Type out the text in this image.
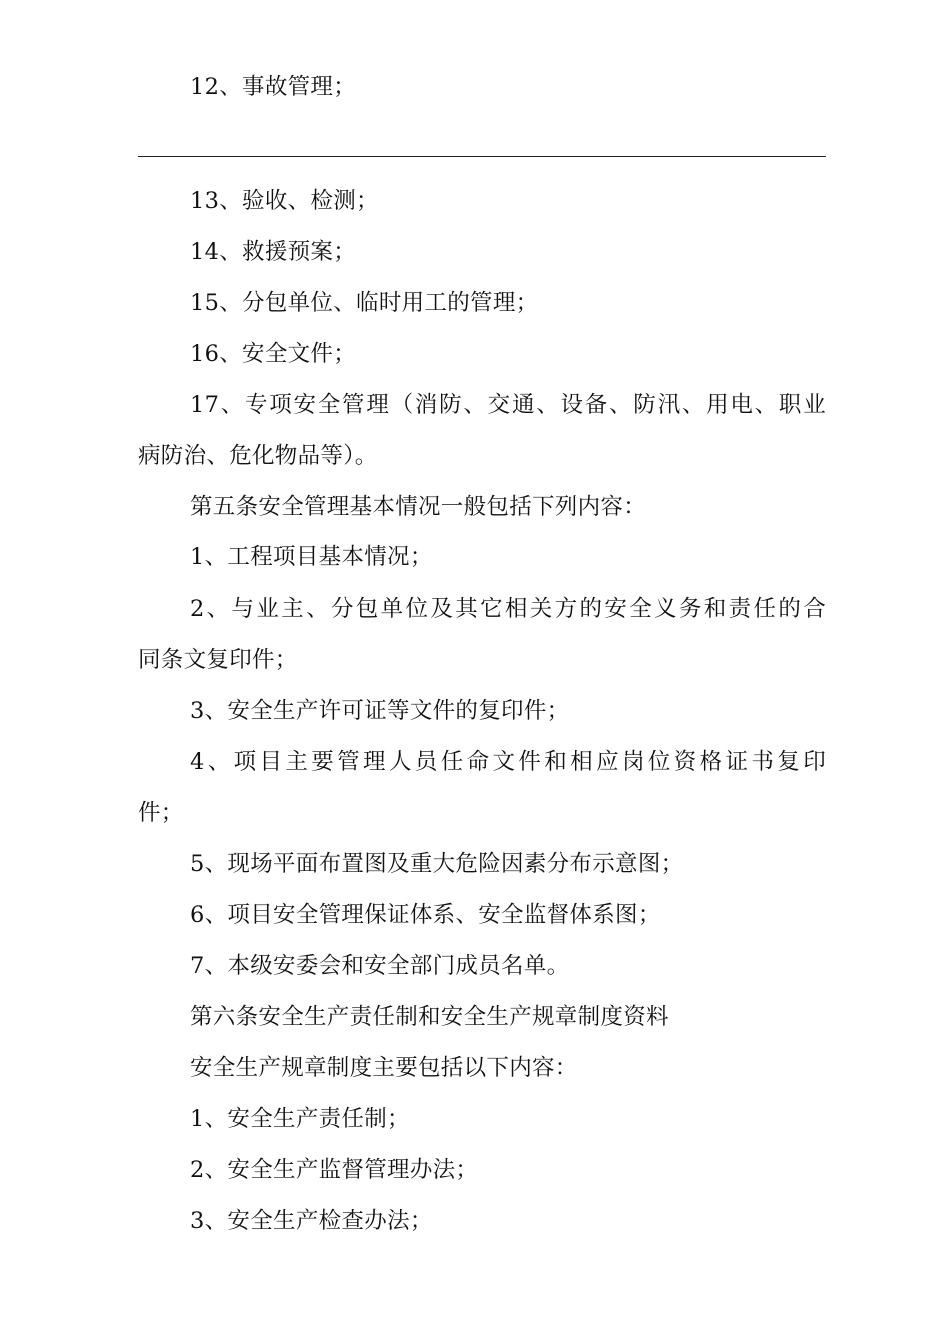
12、事故管理；
13、验收、检测；
14、救援预案；
15、分包单位、临时用工的管理；
16、安全文件；
17、专项安全管理（消防、交通、设备、防汛、用电、职业
病防治、危化物品等）。
第五条安全管理基本情况一般包括下列内容：
1、工程项目基本情况；
2、与业主、分包单位及其它相关方的安全义务和责任的合
同条文复印件；
3、安全生产许可证等文件的复印件；
4、项目主要管理人员任命文件和相应岗位资格证书复印
件；
5、现场平面布置图及重大危险因素分布示意图；
6、项目安全管理保证体系、安全监督体系图；
7、本级安委会和安全部门成员名单。
第六条安全生产责任制和安全生产规章制度资料
安全生产规章制度主要包括以下内容：
1、安全生产责任制；
2、安全生产监督管理办法；
3、安全生产检查办法；
